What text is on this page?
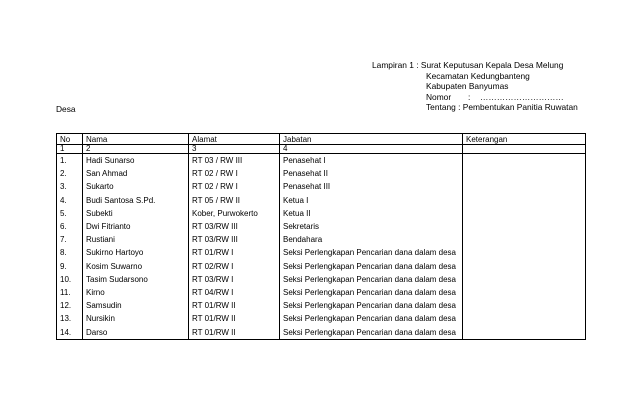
Lampiran 1 : Surat Keputusan Kepala Desa Melung
Kecamatan Kedungbanteng
Kabupaten Banyumas
Nomor : …………………………
Tentang : Pembentukan Panitia Ruwatan
Desa
No	Nama	Alamat	Jabatan	Keterangan
1	2	3	4	
1.	Hadi Sunarso	RT 03 / RW III	Penasehat I	
2.	San Ahmad	RT 02 / RW I	Penasehat II	
3.	Sukarto	RT 02 / RW I	Penasehat III	
4.	Budi Santosa S.Pd.	RT 05 / RW II	Ketua I	
5.	Subekti	Kober, Purwokerto	Ketua II	
6.	Dwi Fitrianto	RT 03/RW III	Sekretaris	
7.	Rustiani	RT 03/RW III	Bendahara	
8.	Sukirno Hartoyo	RT 01/RW I	Seksi Perlengkapan Pencarian dana dalam desa	
9.	Kosim Suwarno	RT 02/RW I	Seksi Perlengkapan Pencarian dana dalam desa	
10.	Tasim Sudarsono	RT 03/RW I	Seksi Perlengkapan Pencarian dana dalam desa	
11.	Kirno	RT 04/RW I	Seksi Perlengkapan Pencarian dana dalam desa	
12.	Samsudin	RT 01/RW II	Seksi Perlengkapan Pencarian dana dalam desa	
13.	Nursikin	RT 01/RW II	Seksi Perlengkapan Pencarian dana dalam desa	
14.	Darso	RT 01/RW II	Seksi Perlengkapan Pencarian dana dalam desa	
